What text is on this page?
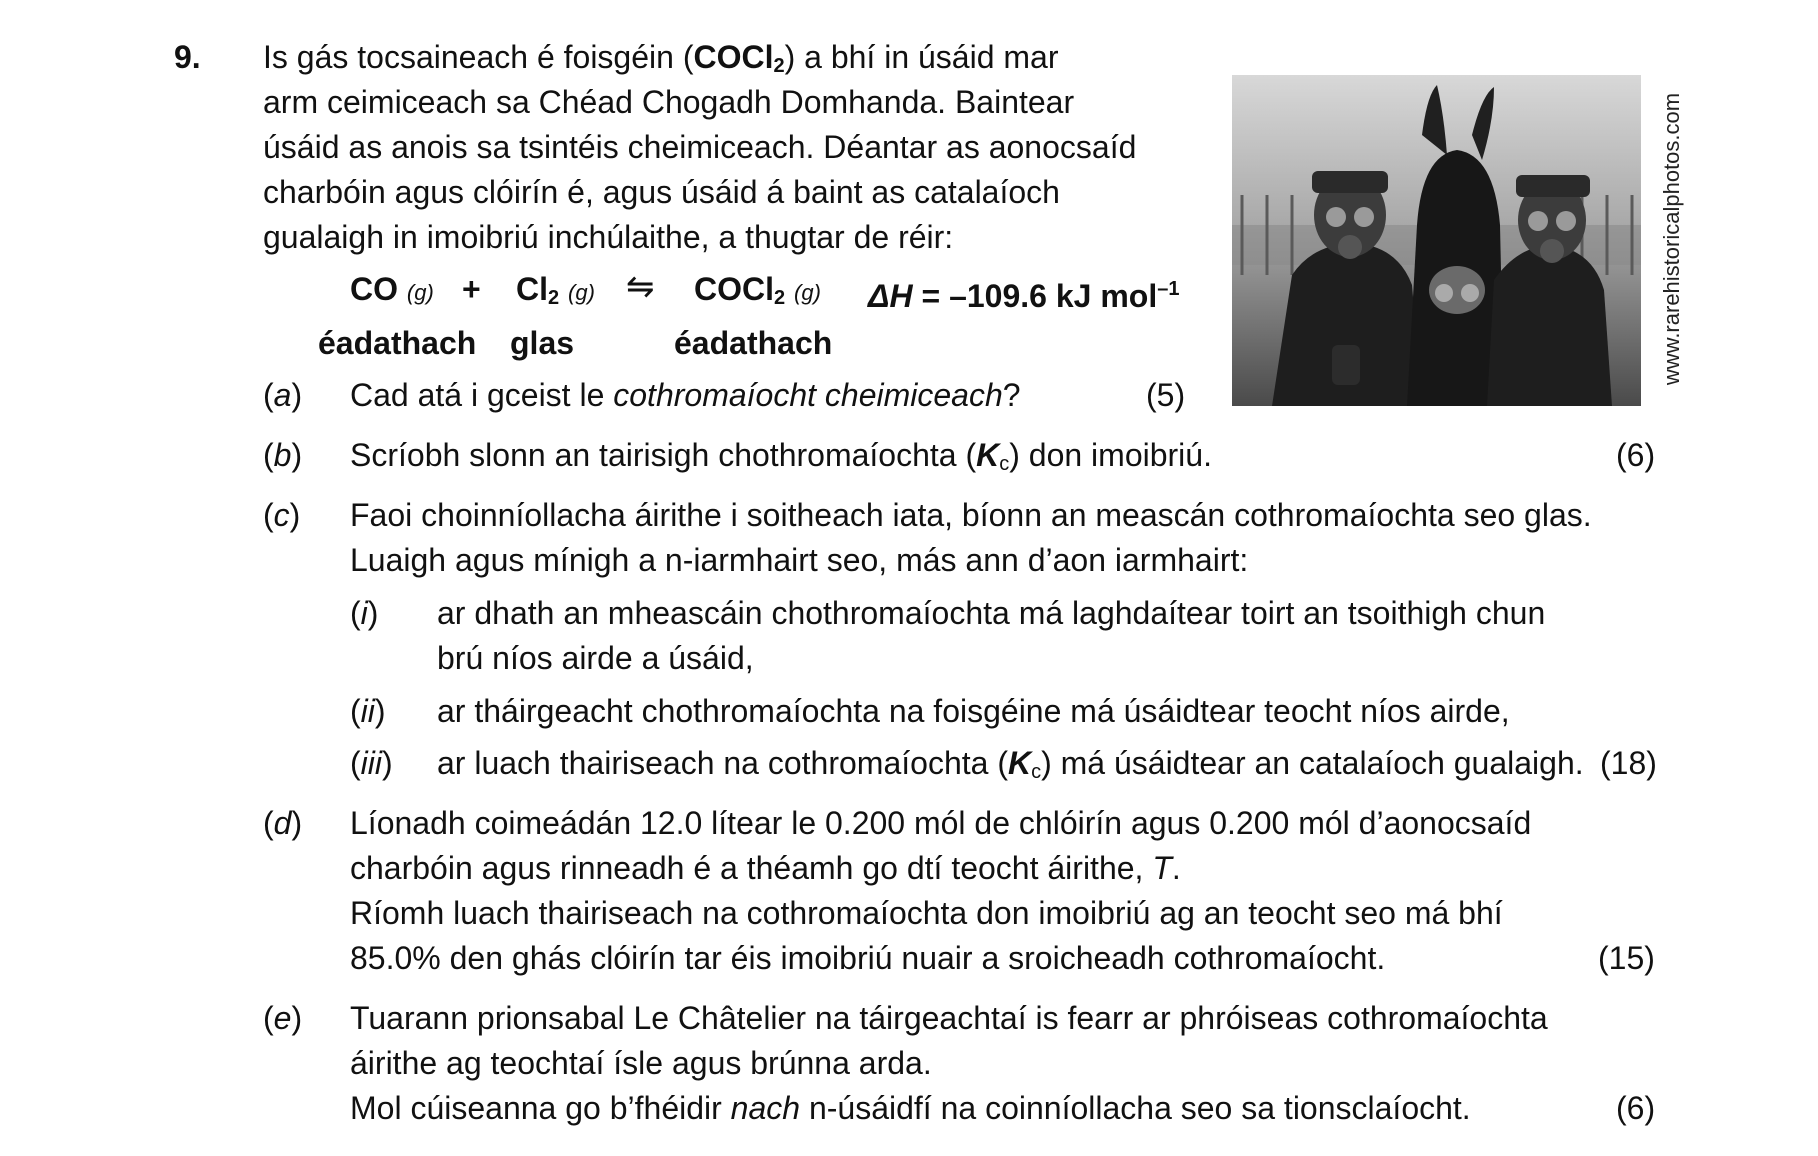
9. Is gás tocsaineach é foisgéin (COCl$_2$) a bhí in úsáid mar
arm ceimiceach sa Chéad Chogadh Domhanda. Baintear
úsáid as anois sa tsintéis cheimiceach. Déantar as aonocsaíd
charbóin agus clóirín é, agus úsáid á baint as catalaíoch
gualaigh in imoibriú inchúlaithe, a thugtar de réir:
CO $(g) + Cl_2$ (g) ⇋ COCl$_2$ (g) ΔH = –109.6 kJ mol$^{-1}$
éadathach glas	éadathach	www.rarehistoricalphotos.com
(a) Cad atá i gceist le cothromaíocht cheimiceach?	(5)
(b) Scríobh slonn an tairisigh chothromaíochta $(K_c)$ don imoibriú.	(6)
(c) Faoi choinníollacha áirithe i soitheach iata, bíonn an meascán cothromaíochta seo glas.
Luaigh agus mínigh a n-iarmhairt seo, más ann d’aon iarmhairt:
(i) ar dhath an mheascáin chothromaíochta má laghdaítear toirt an tsoithigh chun
brú níos airde a úsáid,
(ii) ar tháirgeacht chothromaíochta na foisgéine má úsáidtear teocht níos airde,
(iii) ar luach thairiseach na cothromaíochta $(K_c)$ má úsáidtear an catalaíoch gualaigh. (18)
(d) Líonadh coimeádán 12.0 lítear le 0.200 mól de chlóirín agus 0.200 mól d’aonocsaíd
charbóin agus rinneadh é a théamh go dtí teocht áirithe, T.
Ríomh luach thairiseach na cothromaíochta don imoibriú ag an teocht seo má bhí
85.0% den ghás clóirín tar éis imoibriú nuair a sroicheadh cothromaíocht.	(15)
(e) Tuarann prionsabal Le Châtelier na táirgeachtaí is fearr ar phróiseas cothromaíochta
áirithe ag teochtaí ísle agus brúnna arda.
Mol cúiseanna go b’fhéidir nach n-úsáidfí na coinníollacha seo sa tionsclaíocht.	(6)
